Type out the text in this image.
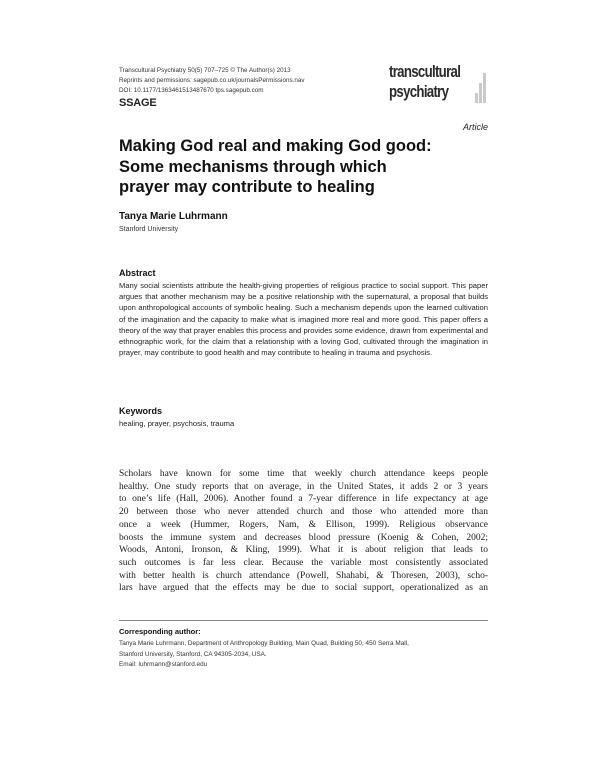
Transcultural Psychiatry 50(5) 707–725 © The Author(s) 2013
Reprints and permissions: sagepub.co.uk/journalsPermissions.nav
DOI: 10.1177/1363461513487670 tps.sagepub.com
SSAGE
transcultural
psychiatry
Article
Making God real and making God good:
Some mechanisms through which
prayer may contribute to healing
Tanya Marie Luhrmann
Stanford University
Abstract
Many social scientists attribute the health-giving properties of religious practice to social support. This paper argues that another mechanism may be a positive relationship with the supernatural, a proposal that builds upon anthropological accounts of symbolic healing. Such a mechanism depends upon the learned cultivation of the imagination and the capacity to make what is imagined more real and more good. This paper offers a theory of the way that prayer enables this process and provides some evidence, drawn from experimental and ethnographic work, for the claim that a relationship with a loving God, cultivated through the imagination in prayer, may contribute to good health and may contribute to healing in trauma and psychosis.
Keywords
healing, prayer, psychosis, trauma
Scholars have known for some time that weekly church attendance keeps people
healthy. One study reports that on average, in the United States, it adds 2 or 3 years
to one’s life (Hall, 2006). Another found a 7-year difference in life expectancy at age
20 between those who never attended church and those who attended more than
once a week (Hummer, Rogers, Nam, & Ellison, 1999). Religious observance
boosts the immune system and decreases blood pressure (Koenig & Cohen, 2002;
Woods, Antoni, Ironson, & Kling, 1999). What it is about religion that leads to
such outcomes is far less clear. Because the variable most consistently associated
with better health is church attendance (Powell, Shahabi, & Thoresen, 2003), scho-
lars have argued that the effects may be due to social support, operationalized as an
Corresponding author:
Tanya Marie Luhrmann, Department of Anthropology Building, Main Quad, Building 50, 450 Serra Mall,
Stanford University, Stanford, CA 94305-2034, USA.
Email: luhrmann@stanford.edu
